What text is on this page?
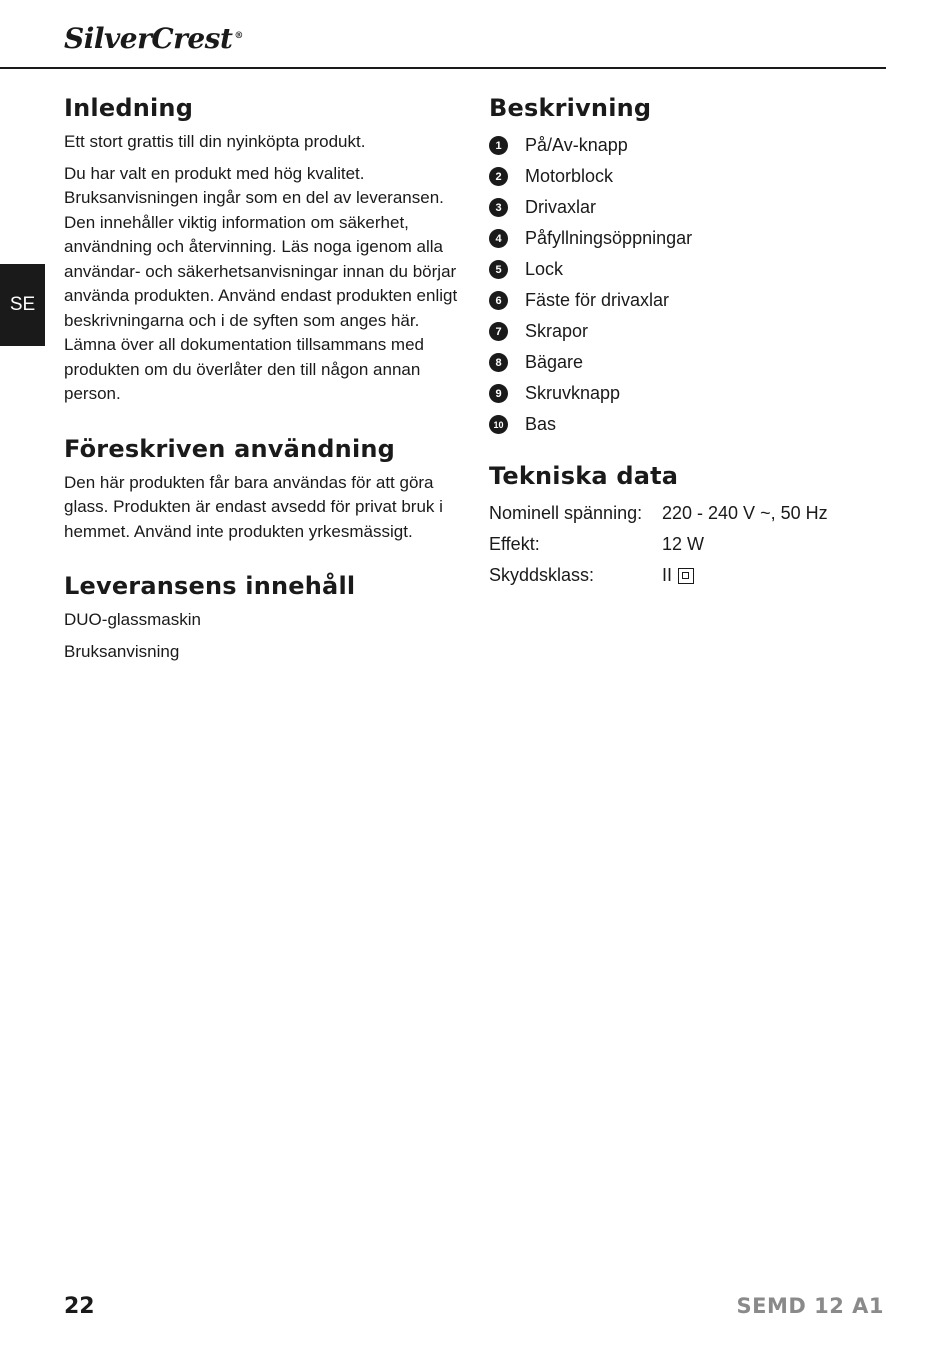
SilverCrest ®
SE
Inledning

Ett stort grattis till din nyinköpta produkt.

Du har valt en produkt med hög kvalitet. Bruksanvisningen ingår som en del av leveransen. Den innehåller viktig information om säkerhet, användning och återvinning. Läs noga igenom alla användar- och säkerhetsanvisningar innan du börjar använda produkten. Använd endast produkten enligt beskrivningarna och i de syften som anges här. Lämna över all dokumentation tillsammans med produkten om du överlåter den till någon annan person.

Föreskriven användning

Den här produkten får bara användas för att göra glass. Produkten är endast avsedd för privat bruk i hemmet. Använd inte produkten yrkesmässigt.

Leveransens innehåll

DUO-glassmaskin

Bruksanvisning

Beskrivning
1	På/Av-knapp
2	Motorblock
3	Drivaxlar
4	Påfyllningsöppningar
5	Lock
6	Fäste för drivaxlar
7	Skrapor
8	Bägare
9	Skruvknapp
10 Bas
Tekniska data
Nominell spänning:	220 - 240 V ~, 50 Hz
Effekt:	12 W
Skyddsklass:	II
22	SEMD 12 A1
